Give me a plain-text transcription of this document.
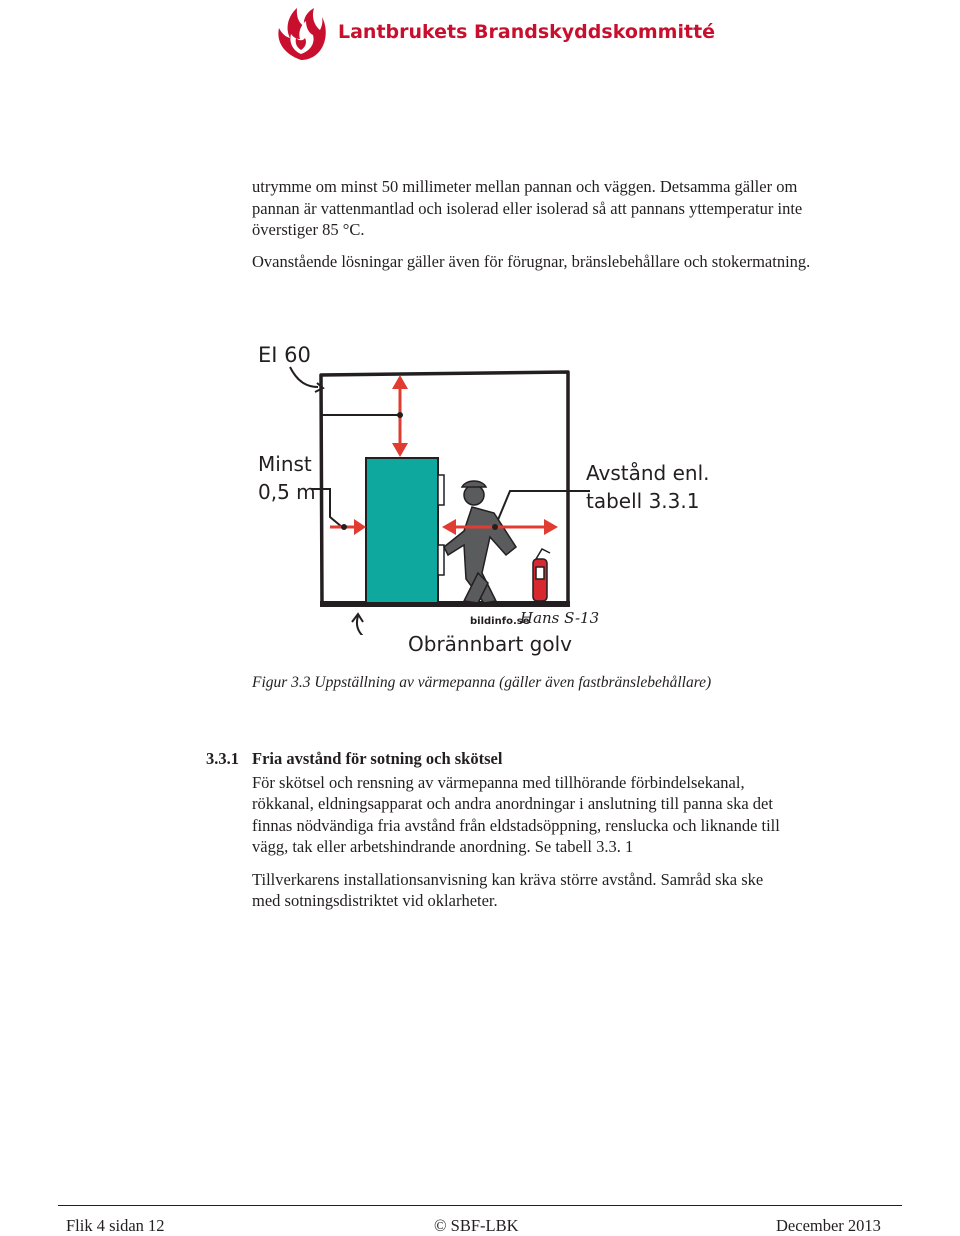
Lantbrukets Brandskyddskommitté

utrymme om minst 50 millimeter mellan pannan och väggen. Detsamma gäller om pannan är vattenmantlad och isolerad eller isolerad så att pannans yttemperatur inte överstiger 85 °C.

Ovanstående lösningar gäller även för förugnar, bränslebehållare och stokermatning.

EI 60

Minst 0,5 m

Avstånd enl. tabell 3.3.1

bildinfo.se

Hans S-13

Obrännbart golv

Figur 3.3 Uppställning av värmepanna (gäller även fastbränslebehållare)

3.3.1 Fria avstånd för sotning och skötsel

För skötsel och rensning av värmepanna med tillhörande förbindelsekanal, rökkanal, eldningsapparat och andra anordningar i anslutning till panna ska det finnas nödvändiga fria avstånd från eldstadsöppning, renslucka och liknande till vägg, tak eller arbetshindrande anordning. Se tabell 3.3. 1

Tillverkarens installationsanvisning kan kräva större avstånd. Samråd ska ske med sotningsdistriktet vid oklarheter.

Flik 4 sidan 12	© SBF-LBK	December 2013
